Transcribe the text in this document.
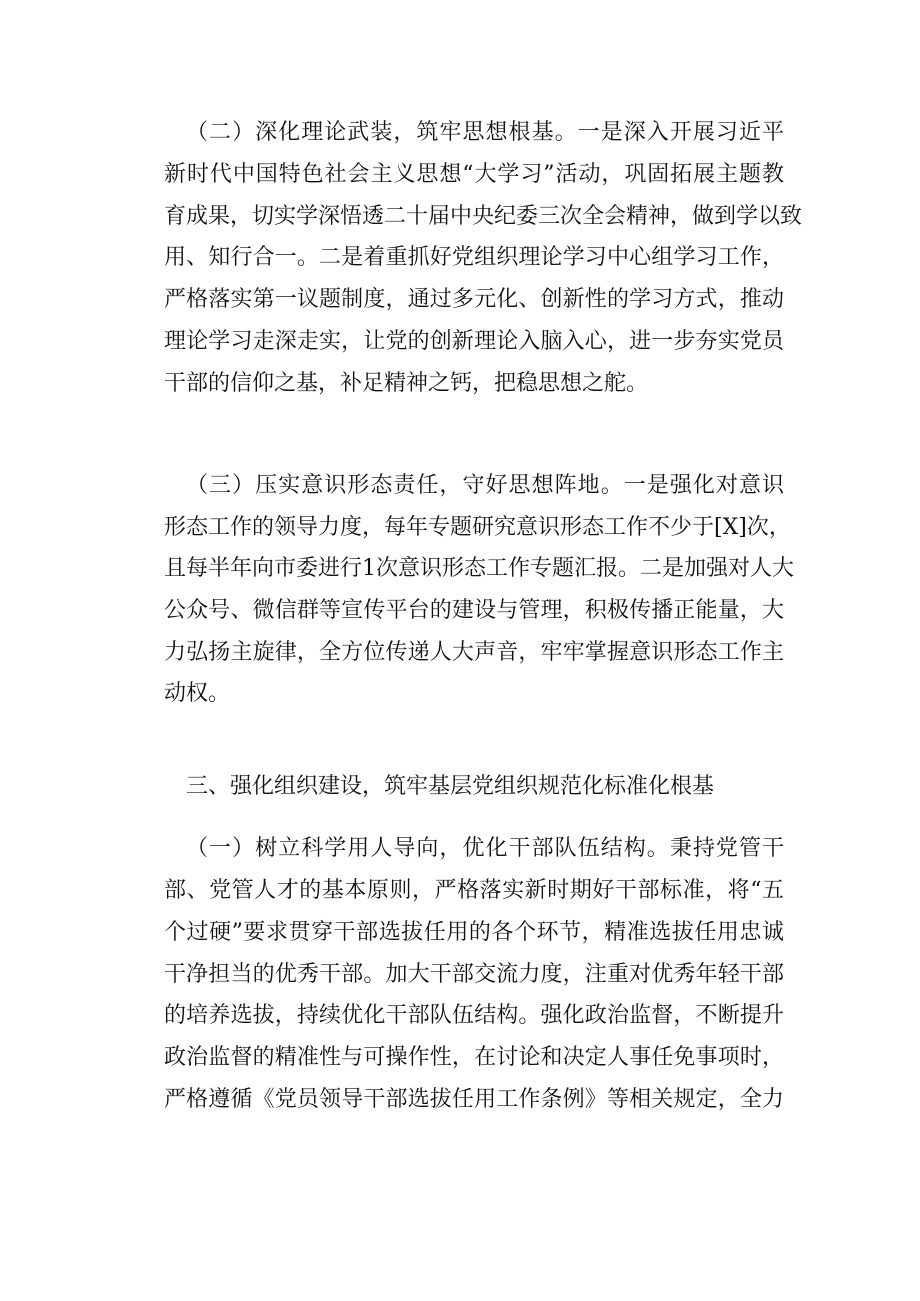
（二）深化理论武装，筑牢思想根基。一是深入开展习近平
新时代中国特色社会主义思想“大学习”活动，巩固拓展主题教
育成果，切实学深悟透二十届中央纪委三次全会精神，做到学以致
用、知行合一。二是着重抓好党组织理论学习中心组学习工作，
严格落实第一议题制度，通过多元化、创新性的学习方式，推动
理论学习走深走实，让党的创新理论入脑入心，进一步夯实党员
干部的信仰之基，补足精神之钙，把稳思想之舵。
（三）压实意识形态责任，守好思想阵地。一是强化对意识
形态工作的领导力度，每年专题研究意识形态工作不少于[X]次，
且每半年向市委进行1次意识形态工作专题汇报。二是加强对人大
公众号、微信群等宣传平台的建设与管理，积极传播正能量，大
力弘扬主旋律，全方位传递人大声音，牢牢掌握意识形态工作主
动权。
三、强化组织建设，筑牢基层党组织规范化标准化根基
（一）树立科学用人导向，优化干部队伍结构。秉持党管干
部、党管人才的基本原则，严格落实新时期好干部标准，将“五
个过硬”要求贯穿干部选拔任用的各个环节，精准选拔任用忠诚
干净担当的优秀干部。加大干部交流力度，注重对优秀年轻干部
的培养选拔，持续优化干部队伍结构。强化政治监督，不断提升
政治监督的精准性与可操作性，在讨论和决定人事任免事项时，
严格遵循《党员领导干部选拔任用工作条例》等相关规定，全力
